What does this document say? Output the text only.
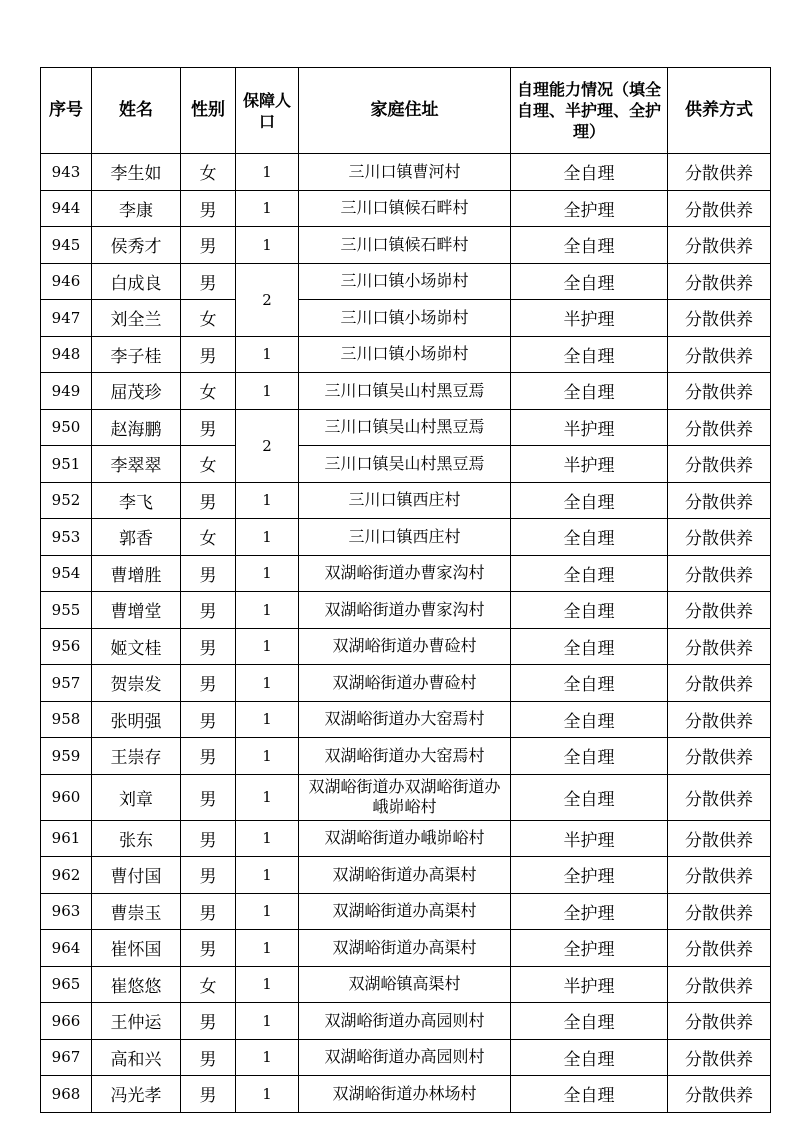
序号	姓名	性别	保障人口	家庭住址	自理能力情况（填全自理、半护理、全护理）	供养方式
943	李生如	女	1	三川口镇曹河村	全自理	分散供养
944	李康	男	1	三川口镇候石畔村	全护理	分散供养
945	侯秀才	男	1	三川口镇候石畔村	全自理	分散供养
946	白成良	男	2	三川口镇小场峁村	全自理	分散供养
947	刘全兰	女		三川口镇小场峁村	半护理	分散供养
948	李子桂	男	1	三川口镇小场峁村	全自理	分散供养
949	屈茂珍	女	1	三川口镇吴山村黑豆焉	全自理	分散供养
950	赵海鹏	男	2	三川口镇吴山村黑豆焉	半护理	分散供养
951	李翠翠	女		三川口镇吴山村黑豆焉	半护理	分散供养
952	李飞	男	1	三川口镇西庄村	全自理	分散供养
953	郭香	女	1	三川口镇西庄村	全自理	分散供养
954	曹增胜	男	1	双湖峪街道办曹家沟村	全自理	分散供养
955	曹增堂	男	1	双湖峪街道办曹家沟村	全自理	分散供养
956	姬文桂	男	1	双湖峪街道办曹硷村	全自理	分散供养
957	贺崇发	男	1	双湖峪街道办曹硷村	全自理	分散供养
958	张明强	男	1	双湖峪街道办大窑焉村	全自理	分散供养
959	王崇存	男	1	双湖峪街道办大窑焉村	全自理	分散供养
960	刘章	男	1	双湖峪街道办双湖峪街道办峨峁峪村	全自理	分散供养
961	张东	男	1	双湖峪街道办峨峁峪村	半护理	分散供养
962	曹付国	男	1	双湖峪街道办高渠村	全护理	分散供养
963	曹崇玉	男	1	双湖峪街道办高渠村	全护理	分散供养
964	崔怀国	男	1	双湖峪街道办高渠村	全护理	分散供养
965	崔悠悠	女	1	双湖峪镇高渠村	半护理	分散供养
966	王仲运	男	1	双湖峪街道办高园则村	全自理	分散供养
967	高和兴	男	1	双湖峪街道办高园则村	全自理	分散供养
968	冯光孝	男	1	双湖峪街道办林场村	全自理	分散供养
